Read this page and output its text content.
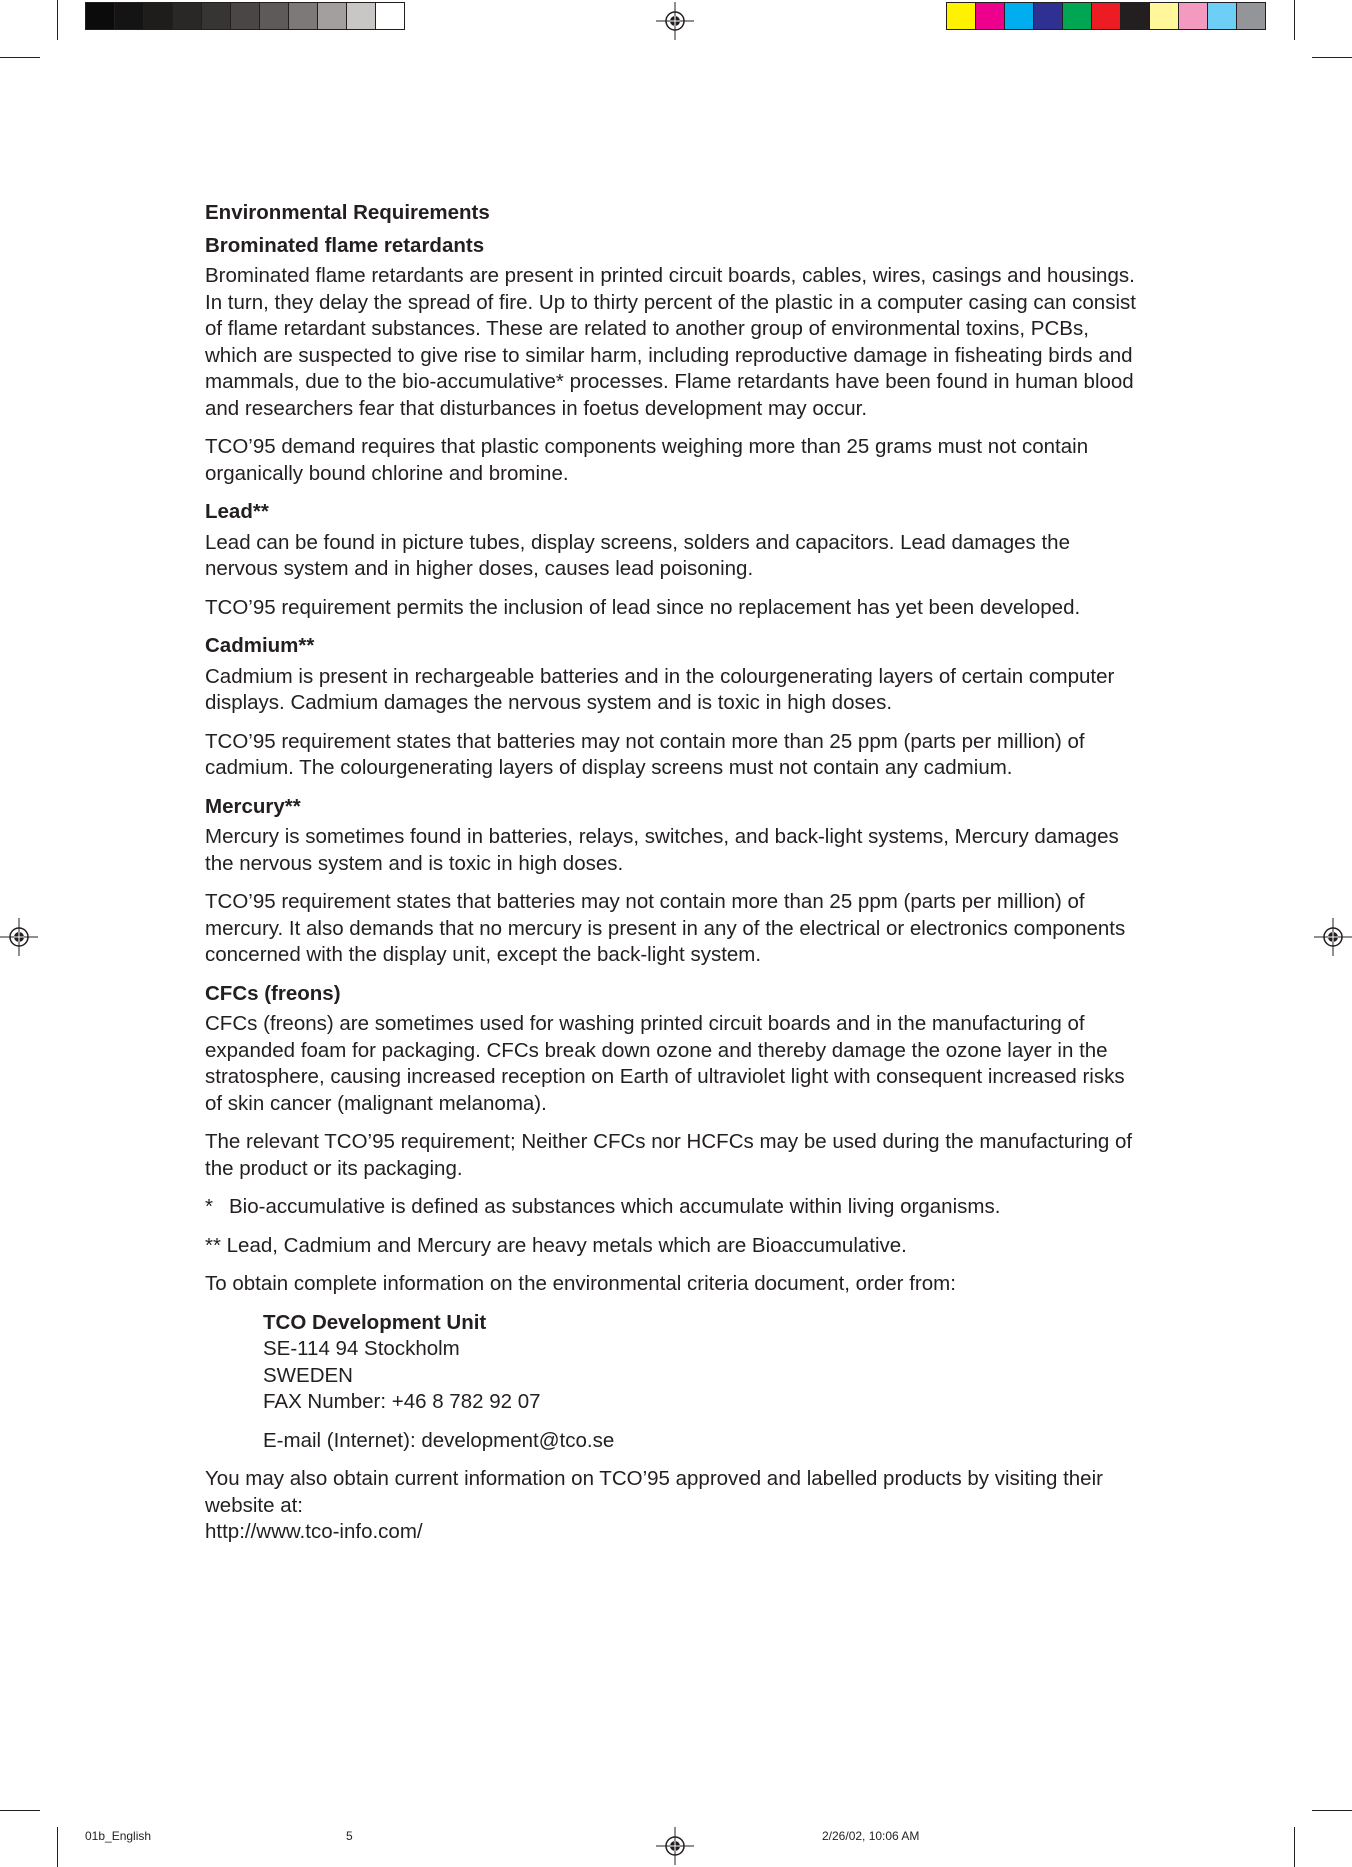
Environmental Requirements
Brominated flame retardants

Brominated flame retardants are present in printed circuit boards, cables, wires, casings and housings. In turn, they delay the spread of fire. Up to thirty percent of the plastic in a computer casing can consist of flame retardant substances. These are related to another group of environmental toxins, PCBs, which are suspected to give rise to similar harm, including reproductive damage in fisheating birds and mammals, due to the bio-accumulative* processes. Flame retardants have been found in human blood and researchers fear that disturbances in foetus development may occur.

TCO’95 demand requires that plastic components weighing more than 25 grams must not contain organically bound chlorine and bromine.

Lead**

Lead can be found in picture tubes, display screens, solders and capacitors. Lead damages the nervous system and in higher doses, causes lead poisoning.

TCO’95 requirement permits the inclusion of lead since no replacement has yet been developed.

Cadmium**

Cadmium is present in rechargeable batteries and in the colourgenerating layers of certain computer displays. Cadmium damages the nervous system and is toxic in high doses.

TCO’95 requirement states that batteries may not contain more than 25 ppm (parts per million) of cadmium. The colourgenerating layers of display screens must not contain any cadmium.

Mercury**

Mercury is sometimes found in batteries, relays, switches, and back-light systems, Mercury damages the nervous system and is toxic in high doses.

TCO’95 requirement states that batteries may not contain more than 25 ppm (parts per million) of mercury. It also demands that no mercury is present in any of the electrical or electronics components concerned with the display unit, except the back-light system.

CFCs (freons)

CFCs (freons) are sometimes used for washing printed circuit boards and in the manufacturing of expanded foam for packaging. CFCs break down ozone and thereby damage the ozone layer in the stratosphere, causing increased reception on Earth of ultraviolet light with consequent increased risks of skin cancer (malignant melanoma).

The relevant TCO’95 requirement; Neither CFCs nor HCFCs may be used during the manufacturing of the product or its packaging.

* Bio-accumulative is defined as substances which accumulate within living organisms.

** Lead, Cadmium and Mercury are heavy metals which are Bioaccumulative.

To obtain complete information on the environmental criteria document, order from:

TCO Development Unit
SE-114 94 Stockholm
SWEDEN
FAX Number: +46 8 782 92 07
E-mail (Internet): development@tco.se

You may also obtain current information on TCO’95 approved and labelled products by visiting their website at:

http://www.tco-info.com/

01b_English	5	2/26/02, 10:06 AM
